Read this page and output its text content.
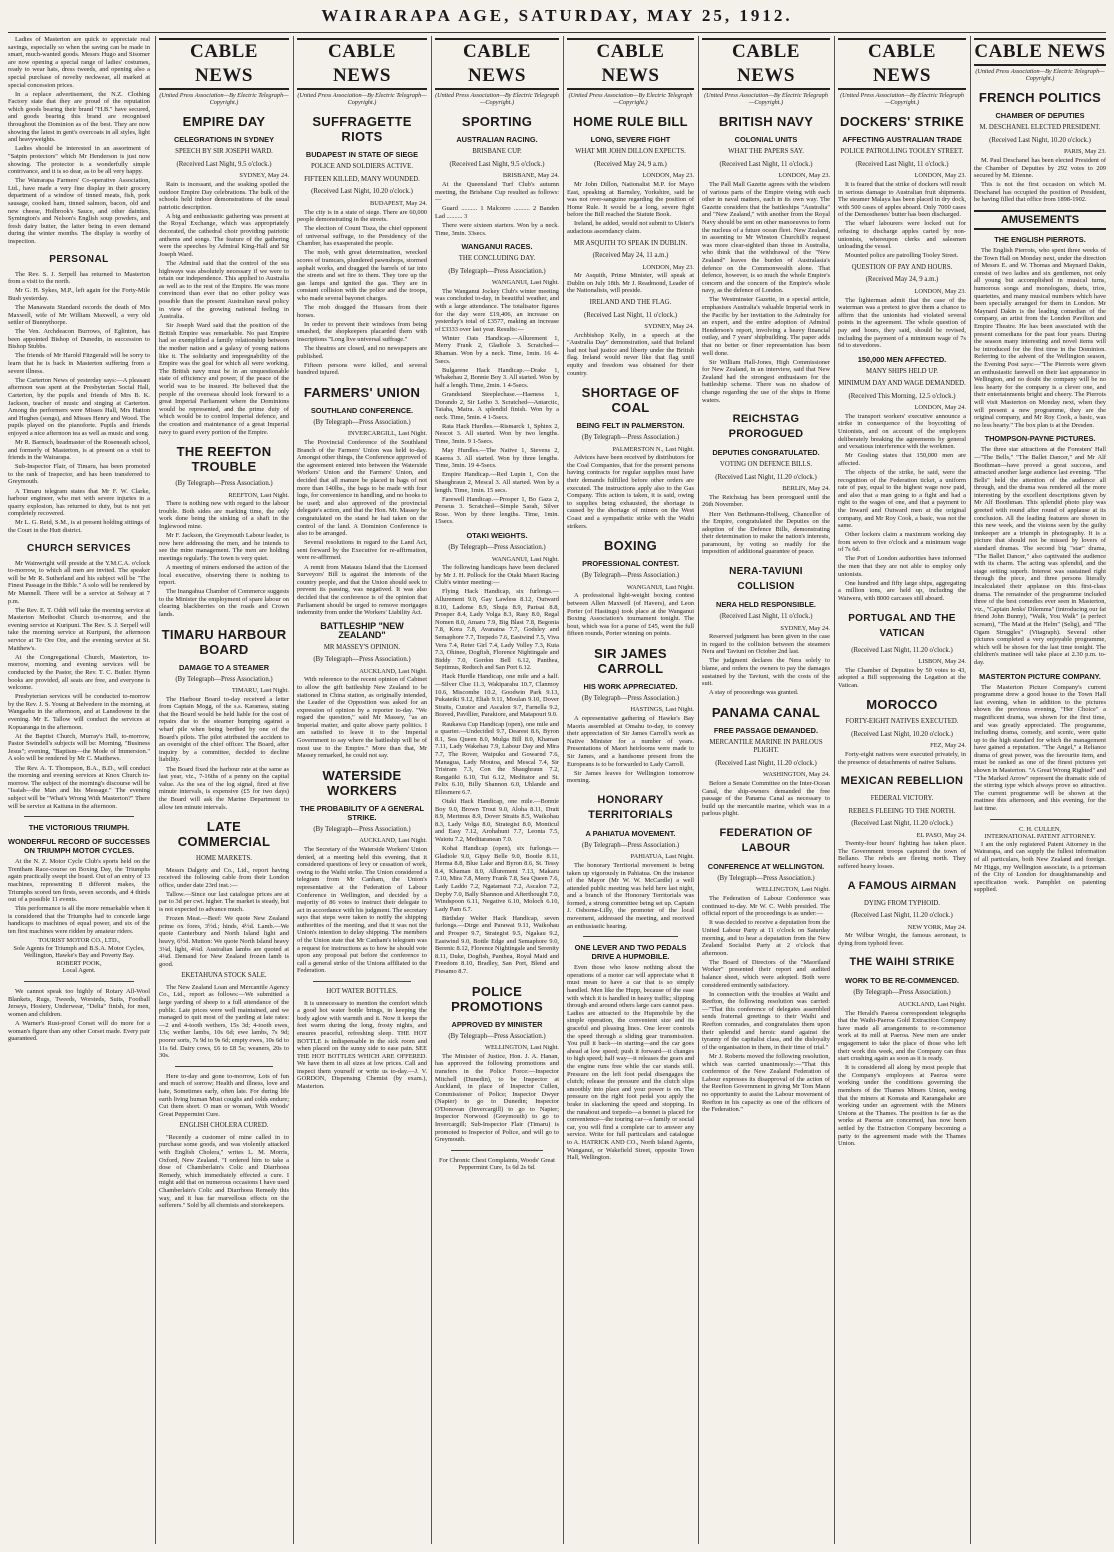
WAIRARAPA AGE, SATURDAY, MAY 25, 1912.

Ladies of Masterton are quick to appreciate real savings, especially so when the saving can be made in smart, much-wanted goods. Messrs Hugo and Sisomer are now opening a special range of ladies' costumes, ready to wear hats, dress tweeds, and opening also a special purchase of novelty neckwear, all marked at special concession prices.

In a replace advertisement, the N.Z. Clothing Factory state that they are proud of the reputation which goods bearing their brand "H.B." have secured, and goods bearing this brand are recognised throughout the Dominion as of the best. They are now showing the latest in gent's overcoats in all styles, light and heavyweights.

Ladies should be interested in an assortment of "Satpin protectors" which Mr Henderson is just now showing. The protector is a wonderfully simple contrivance, and it is so dear, as to be all very happy.

The Wairarapa Farmers' Co-operative Association, Ltd., have made a very fine display in their grocery department of a window of tinned meats, fish, pork sausage, cooked ham, tinned salmon, bacon, old and new cheese, Holbrook's Sauce, and other dainties, Symington's and Nelson's English soup powders, and fresh dairy butter, the latter being in even demand during the winter months. The display is worthy of inspection.

PERSONAL

The Rev. S. J. Serpell has returned to Masterton from a visit to the north.

Mr G. H. Sykes, M.P., left again for the Forty-Mile Bush yesterday.

The Manawatu Standard records the death of Mrs Maxwell, wife of Mr William Maxwell, a very old settler of Bunnythorpe.

The Ven. Archdeacon Burrows, of Eglinton, has been appointed Bishop of Dunedin, in succession to Bishop Stubbs.

The friends of Mr Harold Fitzgerald will be sorry to learn that he is back in Masterton suffering from a severe illness.

The Carterton News of yesterday says:—A pleasant afternoon was spent at the Presbyterian Social Hall, Carterton, by the pupils and friends of Mrs B. K. Jackson, teacher of music and singing at Carterton. Among the performers were Misses Hall, Mrs Hatton and Hughes (songs), and Misses Henry and Wood. The pupils played on the pianoforte. Pupils and friends enjoyed a nice afternoon tea as well as music and song.

Mr R. Barnsch, headmaster of the Roseneath school, and formerly of Masterton, is at present on a visit to friends in the Wairarapa.

Sub-Inspector Flair, of Timaru, has been promoted to the rank of Inspector, and has been transferred to Greymouth.

A Timaru telegram states that Mr F. W. Clarke, harbour engineer, who met with severe injuries in a quarry explosion, has returned to duty, but is not yet completely recovered.

Mr L. G. Reid, S.M., is at present holding sittings of the Court in the Hutt district.

CHURCH SERVICES

Mr Wainwright will preside at the Y.M.C.A. o'clock to-morrow, to which all men are invited. The speaker will be Mr R. Sutherland and his subject will be "The Finest Passage in the Bible." A solo will be rendered by Mr Mannell. There will be a service at Solway at 7 p.m.

The Rev. E. T. Oddi will take the morning service at Masterton Methodist Church to-morrow, and the evening service at Kuripuni. The Rev. S. J. Serpell will take the morning service at Kuripuni, the afternoon service at Te Ore Ore, and the evening service at St. Matthew's.

At the Congregational Church, Masterton, to-morrow, morning and evening services will be conducted by the Pastor, the Rev. T. C. Butler. Hymn books are provided, all seats are free, and everyone is welcome.

Presbyterian services will be conducted to-morrow by the Rev. J. S. Young at Belvedere in the morning, at Wangaehu in the afternoon, and at Lansdowne in the evening. Mr E. Tallow will conduct the services at Kopuaranga in the afternoon.

At the Baptist Church, Murray's Hall, to-morrow, Pastor Swindell's subjects will be: Morning, "Business Jesus"; evening, "Baptism—the Mode of Immersion." A solo will be rendered by Mr C. Matthews.

The Rev. A. T. Thompson, B.A., B.D., will conduct the morning and evening services at Knox Church to-morrow. The subject of the morning's discourse will be "Isaiah—the Man and his Message." The evening subject will be "What's Wrong With Masterton?" There will be service at Kaituna in the afternoon.

THE VICTORIOUS TRIUMPH.
WONDERFUL RECORD OF SUCCESSES ON TRIUMPH MOTOR CYCLES.

At the N. Z. Motor Cycle Club's sports held on the Trentham Race-course on Boxing Day, the Triumphs again practically swept the board. Out of an entry of 13 machines, representing 8 different makes, the Triumphs scored ten firsts, seven seconds, and 4 thirds out of a possible 11 events.

This performance is all the more remarkable when it is considered that the Triumphs had to concede large handicaps to machines of equal power, and six of the ten first machines were ridden by amateur riders.

TOURIST MOTOR CO., LTD.,
Sole Agents for Triumph and B.S.A. Motor Cycles, Wellington, Hawke's Bay and Poverty Bay.
ROBERT POOK,
Local Agent.

We cannot speak too highly of Rotary All-Wool Blankets, Rugs, Tweeds, Worsteds, Suits, Football Jerseys, Hosiery, Underwear, "Delta" finish, for men, women and children.

A Warner's Rust-proof Corset will do more for a woman's figure than any other Corset made. Every pair guaranteed.

CABLE NEWS
(United Press Association—By Electric Telegraph—Copyright.)
EMPIRE DAY
CELEGRATIONS IN SYDNEY
SPEECH BY SIR JOSEPH WARD.
(Received Last Night, 9.5 o'clock.)
SYDNEY, May 24.

Rain is incessant, and the soaking spoiled the outdoor Empire Day celebrations. The bulk of the schools held indoor demonstrations of the usual patriotic description.

A big and enthusiastic gathering was present at the Royal Exchange, which was appropriately decorated, the cathedral choir providing patriotic anthems and songs. The feature of the gathering were the speeches by Admiral King-Hall and Sir Joseph Ward.

The Admiral said that the control of the sea highways was absolutely necessary if we were to retain our independence. This applied to Australia as well as to the rest of the Empire. He was more convinced than ever that no other policy was possible than the present Australian naval policy in view of the growing national feeling in Australia.

Sir Joseph Ward said that the position of the British Empire was remarkable. No past Empire had so exemplified a family relationship between the mother nation and a galaxy of young nations like it. The solidarity and impregnability of the Empire was the goal for which all were working. The British navy must be in an unquestionable state of efficiency and power, if the peace of the world was to be insured. He believed that the people of the overseas should look forward to a great Imperial Parliament where the Dominions would be represented, and the prime duty of which would be to control Imperial defence, and the creation and maintenance of a great Imperial navy to guard every portion of the Empire.

THE REEFTON TROUBLE
(By Telegraph—Press Association.)
REEFTON, Last Night.

There is nothing new with regard to the labour trouble. Both sides are marking time, the only work done being the sinking of a shaft in the Inglewood mine.

Mr F. Jackson, the Greymouth Labour leader, is now here addressing the men, and he intends to see the mine management. The men are holding meetings regularly. The town is very quiet.

A meeting of miners endorsed the action of the local executive, observing there is nothing to report.

The Inangahua Chamber of Commerce suggests to the Minister the employment of spare labour on clearing blackberries on the roads and Crown lands.

TIMARU HARBOUR BOARD
DAMAGE TO A STEAMER
(By Telegraph—Press Association.)
TIMARU, Last Night.

The Harbour Board to-day received a letter from Captain Mogg, of the s.s. Karamea, stating that the Board would be held liable for the cost of repairs due to the steamer bumping against a wharf pile when being berthed by one of the Board's pilots. The pilot attributed the accident to an oversight of the chief officer. The Board, after inquiry by a committee, decided to decline liability.

The Board fixed the harbour rate at the same as last year, viz., 7-16ths of a penny on the capital value. As the sea of the log signal, fired at five minute intervals, is expensive (£5 for two days) the Board will ask the Marine Department to allow ten minute intervals.

LATE COMMERCIAL
HOME MARKETS.

Messrs Dalgety and Co., Ltd., report having received the following cable from their London office, under date 23rd inst.:—

Tallow.—Since our last catalogue prices are at par to 3d per cwt. higher. The market is steady, but is not expected to advance much.

Frozen Meat.—Beef: We quote New Zealand prime ox fores, 3½d.; hinds, 4½d. Lamb.—We quote Canterbury and North Island light and heavy, 6½d. Mutton: We quote North Island heavy 3¼d, light, 4¼d. Australian lambs are quoted at 4¼d. Demand for New Zealand frozen lamb is good.

EKETAHUNA STOCK SALE.

The New Zealand Loan and Mercantile Agency Co., Ltd., report as follows:—We submitted a large yarding of sheep to a full attendance of the public. Late prices were well maintained, and we managed to quit most of the yarding at late rates:—2 and 4-tooth wethers, 15s 3d; 4-tooth ewes, 13s; wether lambs, 10s 6d; ewe lambs, 7s 9d; poorer sorts, 7s 9d to 9s 6d; empty ewes, 10s 6d to 11s 6d. Dairy cows, £6 to £8 5s; weaners, 20s to 30s.

Here to-day and gone to-morrow, Lots of fun and much of sorrow; Health and illness, love and hate, Sometimes early, often late. For during life earth living human Must coughs and colds endure; Cut them short. O man or woman, With Woods' Great Peppermint Cure.

ENGLISH CHOLERA CURED.

"Recently a customer of mine called in to purchase some goods, and was violently attacked with English Cholera," writes L. M. Morris, Oxford, New Zealand. "I ordered him to take a dose of Chamberlain's Colic and Diarrhoea Remedy, which immediately effected a cure. I might add that on numerous occasions I have used Chamberlain's Colic and Diarrhoea Remedy this way, and it has far marvellous effects on the sufferers." Sold by all chemists and storekeepers.

CABLE NEWS
(United Press Association—By Electric Telegraph—Copyright.)
SUFFRAGETTE RIOTS
BUDAPEST IN STATE OF SIEGE
POLICE AND SOLDIERS ACTIVE.
FIFTEEN KILLED, MANY WOUNDED.
(Received Last Night, 10.20 o'clock.)
BUDAPEST, May 24.

The city is in a state of siege. There are 60,000 people demonstrating in the streets.

The election of Count Tisza, the chief opponent of universal suffrage, to the Presidency of the Chamber, has exasperated the people.

The mob, with great determination, wrecked scores of tramcars, plundered pawnshops, stormed asphalt works, and dragged the barrels of tar into the streets and set fire to them. They tore up the gas lamps and ignited the gas. They are in constant collision with the police and the troops, who made several bayonet charges.

The mob dragged the Hussars from their horses.

In order to prevent their windows from being smashed, the shopkeepers placarded them with inscriptions "Long live universal suffrage."

The theatres are closed, and no newspapers are published.

Fifteen persons were killed, and several hundred injured.

FARMERS' UNION
SOUTHLAND CONFERENCE.
(By Telegraph—Press Association.)
INVERCARGILL, Last Night.

The Provincial Conference of the Southland Branch of the Farmers' Union was held to-day. Amongst other things, the Conference approved of the agreement entered into between the Waterside Workers' Union and the Farmers' Union, and decided that all manure be placed in bags of not more than 140lbs., the bags to be made with four lugs, for convenience in handling, and no hooks to be used; and also approved of the provincial delegate's action, and that the Hon. Mr. Massey be congratulated on the stand he had taken on the control of the land. A Dominion Conference is also to be arranged.

Several resolutions in regard to the Land Act, sent forward by the Executive for re-affirmation, were re-affirmed.

A remit from Mataura Island that the Licensed Surveyors' Bill is against the interests of the country people, and that the Union should seek to prevent its passing, was negatived. It was also decided that the conference is of the opinion that Parliament should be urged to remove mortgages indemnity from under the Workers' Liability Act.

BATTLESHIP "NEW ZEALAND"
MR MASSEY'S OPINION.
(By Telegraph—Press Association.)
AUCKLAND, Last Night.

With reference to the recent opinion of Cabinet to allow the gift battleship New Zealand to be stationed in China station, as originally intended, the Leader of the Opposition was asked for an expression of opinion by a reporter to-day. "We regard the question," said Mr Massey, "as an Imperial matter, and quite above party politics. I am satisfied to leave it to the Imperial Government to say where the battleship will be of most use to the Empire." More than that, Mr Massey remarked, he could not say.

WATERSIDE WORKERS
THE PROBABILITY OF A GENERAL STRIKE.
(By Telegraph—Press Association.)
AUCKLAND, Last Night.

The Secretary of the Waterside Workers' Union denied, at a meeting held this evening, that it considered questions of levy or cessation of work, owing to the Waihi strike. The Union considered a telegram from Mr Canham, the Union's representative at the Federation of Labour Conference in Wellington, and decided by a majority of 86 votes to instruct their delegate to act in accordance with his judgment. The secretary says that steps were taken to notify the shipping authorities of the meeting, and that it was not the Union's intention to delay shipping. The members of the Union state that Mr Canham's telegram was a request for instructions as to how he should vote upon any proposal put before the conference to call a general strike of the Unions affiliated to the Federation.

HOT WATER BOTTLES.

It is unnecessary to mention the comfort which a good hot water bottle brings, in keeping the body aglow with warmth and it. Now it keeps the feet warm during the long, frosty nights, and ensures peaceful, refreshing sleep. THE HOT BOTTLE is indispensable in the sick room and when placed on the sunny side to ease pain. SEE THE HOT BOTTLES WHICH ARE OFFERED. We have them in all sizes at low prices. Call and inspect them yourself or write us to-day.—J. V. GORDON, Dispensing Chemist (by exam.), Masterton.

CABLE NEWS
(United Press Association—By Electric Telegraph—Copyright.)
SPORTING
AUSTRALIAN RACING.
BRISBANE CUP.
(Received Last Night, 9.5 o'clock.)
BRISBANE, May 24.

At the Queensland Turf Club's autumn meeting, the Brisbane Cup resulted as follows:—

Guard .......... 1 Malcorro .......... 2 Banden Lad .......... 3

There were sixteen starters. Won by a neck. Time, 3min. 33secs.

WANGANUI RACES.
THE CONCLUDING DAY.
(By Telegraph—Press Association.)
WANGANUI, Last Night.

The Wanganui Jockey Club's winter meeting was concluded to-day, in beautiful weather, and with a large attendance. The totalisator figures for the day were £19,406, an increase on yesterday's total of £3577, making an increase of £3333 over last year. Results:—

Winter Oats Handicap.—Allurement 1, Merry Frank 2, Gladiole 3. Scratched—Rhaman. Won by a neck. Time, 1min. 16 4-5secs.

Bulgarene Hack Handicap.—Drake 1, Whakehau 2, Bonnie Boy 3. All started. Won by half a length. Time, 2min. 1 4-5secs.

Grandstand Steeplechase.—Haeness 1, Dorando 2, Sir Letho 3. Scratched—Antarctic, Taiaha, Maira. A splendid finish. Won by a neck. Time, 5min. 4 1-5secs.

Rata Hack Hurdles.—Rismarck 1, Sphinx 2, Nescot 3. All started. Won by two lengths. Time, 3min. 9 1-5secs.

May Hurdles.—The Native 1, Stevens 2, Kaerea 3. All started. Won by three lengths. Time, 3min. 19 4-5secs.

Empire Handicap.—Red Lupin 1, Con the Shaughraun 2, Mescal 3. All started. Won by a length. Time, 1min. 15 secs.

Farewell Handicap.—Prosper 1, Bo Gaza 2, Perseus 3. Scratched—Simple Sarah, Silver Rose. Won by three lengths. Time, 1min. 15secs.

OTAKI WEIGHTS.
(By Telegraph—Press Association.)
WANGANUI, Last Night.

The following handicaps have been declared by Mr J. H. Pollock for the Otaki Maori Racing Club's winter meeting:—

Flying Hack Handicap, six furlongs.—Allurement 9.0, Gay Lawless 8.12, Outward 8.10, Ladome 8.9, Shuja 8.9, Parisai 8.8, Prosper 8.4, Lady Volga 8.3, Rasy 8.0, Regal Nomen 8.0, Amaru 7.9, Big Blast 7.8, Begonia 7.8, Kora 7.8, Avanaina 7.7, Godsley and Semaphore 7.7, Torpedo 7.6, Eastwind 7.5, Viva Vera 7.4, Reter Girl 7.4, Lady Volley 7.3, Kuta 7.3, Ohinee, Dogfish, Florence Nightingale and Biddy 7.0, Gordon Bell 6.12, Panthea, Septimus, Redtech and San Port 6.12.

Hack Hurdle Handicap, one mile and a half.—Silver Clue 11.3, Wakiparahu 10.7, Clanmoy 10.6, Miscombe 10.2, Goodwin Park 9.13, Pukateiki 9.12, Eliah 9.11, Moulan 9.10, Dover Straits, Curator and Ascalon 9.7, Farnella 9.2, Braved, Pavillier, Parakiore, and Matapouri 9.0.

Raukawa Cup Handicap (open), one mile and a quarter.—Undecided 9.7, Dearest 8.6, Byron 8.1, Sea Queen 8.0, Mulga Bill 8.0, Khaman 7.11, Lady Wakehau 7.9, Labour Day and Mira 7.7, The Rover, Waipuku and Gowarnd 7.6, Managua, Lady Moutoa, and Mescal 7.4, Sir Tristram 7.3, Con the Shaughraun 7.2, Rangatiki 6.10, Tui 6.12, Meditator and St. Felix 6.10, Billy Shannon 6.0, Uhlande and Ellesmere 6.7.

Otaki Hack Handicap, one mile.—Bonnie Boy 9.0, Brown Trout 9.0, Aloha 8.11, Dratt 8.9, Merimus 8.9, Dover Straits 8.5, Waikohau 8.3, Lady Volga 8.0, Strategist 8.0, Monticul and Easy 7.12, Arohahuni 7.7, Leonta 7.5, Waiotu 7.2, Meditaranean 7.0.

Kohai Handicap (open), six furlongs.—Gladiole 9.0, Gipsy Belle 9.0, Bootle 8.11, Herma 8.8, Blue Lake and Byron 8.6, St. Tessy 8.4, Khaman 8.0, Allurement 7.13, Makaru 7.10, Mira 7.8, Merry Frank 7.8, Sea Queen 7.6, Lady Laddo 7.2, Ngatamaui 7.2, Ascalon 7.2, Depby 7.0, Bally Shannon and Afterthought 7.0, Windspoon 6.11, Negative 6.10, Moloch 6.10, Lady Pam 6.7.

Birthday Welter Hack Handicap, seven furlongs.—Dirge and Parawai 9.11, Waikohau and Prosper 9.7, Strategist 9.5, Ngakau 9.2, Eastwind 9.0, Bottle Edge and Semaphore 9.0, Berenic 8.12, Florence Nightingale and Serenity 8.11, Duke, Dogfish, Panthea, Royal Maid and Freedom 8.10, Bradley, San Port, Blend and Fiesamo 8.7.

POLICE PROMOTIONS
APPROVED BY MINISTER
(By Telegraph—Press Association.)
WELLINGTON, Last Night.

The Minister of Justice, Hon. J. A. Hanan, has approved the following promotions and transfers in the Police Force:—Inspector Mitchell (Dunedin), to be Inspector at Auckland, in place of Inspector Cullen, Commissioner of Police; Inspector Dwyer (Napier) to go to Dunedin; Inspector O'Donovan (Invercargill) to go to Napier; Inspector Norwood (Greymouth) to go to Invercargill; Sub-Inspector Flair (Timaru) is promoted to Inspector of Police, and will go to Greymouth.

For Chronic Chest Complaints, Woods' Great Peppermint Cure, 1s 6d 2s 6d.
CABLE NEWS
(United Press Association—By Electric Telegraph—Copyright.)
HOME RULE BILL
LONG, SEVERE FIGHT
WHAT MR JOHN DILLON EXPECTS.
(Received May 24, 9 a.m.)
LONDON, May 23.

Mr John Dillon, Nationalist M.P. for Mayo East, speaking at Barnsley, Yorkshire, said he was not over-sanguine regarding the position of Home Rule. It would be a long, severe fight before the Bill reached the Statute Book.

Ireland, he added, would not submit to Ulster's audacious ascendancy claim.

MR ASQUITH TO SPEAK IN DUBLIN.
(Received May 24, 11 a.m.)
LONDON, May 23.

Mr Asquith, Prime Minister, will speak at Dublin on July 18th. Mr J. Readmond, Leader of the Nationalists, will preside.

IRELAND AND THE FLAG.
(Received Last Night, 11 o'clock.)
SYDNEY, May 24.

Archbishop Kelly, in a speech at the "Australia Day" demonstration, said that Ireland had not had justice and liberty under the British flag. Ireland would never like that flag until equity and freedom was obtained for their country.

SHORTAGE OF COAL
BEING FELT IN PALMERSTON.
(By Telegraph—Press Association.)
PALMERSTON N., Last Night.

Advices have been received by distributors for the Coal Companies, that for the present persons having contracts for regular supplies must have their demands fulfilled before other orders are executed. The instructions apply also to the Gas Company. This action is taken, it is said, owing to supplies being exhausted, the shortage is caused by the shortage of miners on the West Coast and a sympathetic strike with the Waihi strikers.

BOXING
PROFESSIONAL CONTEST.
(By Telegraph—Press Association.)
WANGANUI, Last Night.

A professional light-weight boxing contest between Allen Maxwell (of Havers), and Leon Porter (of Hastings) took place at the Wanganui Boxing Association's tournament tonight. The bout, which was for a purse of £45, went the full fifteen rounds, Porter winning on points.

SIR JAMES CARROLL
HIS WORK APPRECIATED.
(By Telegraph—Press Association.)
HASTINGS, Last Night.

A representative gathering of Hawke's Bay Maoris assembled at Omahu to-day, to convey their appreciation of Sir James Carroll's work as Native Minister for a number of years. Presentations of Maori heirlooms were made to Sir James, and a handsome present from the Europeans is to be forwarded to Lady Carroll.

Sir James leaves for Wellington tomorrow morning.

HONORARY TERRITORIALS
A PAHIATUA MOVEMENT.
(By Telegraph—Press Association.)
PAHIATUA, Last Night.

The honorary Territorial movement is being taken up vigorously in Pahiatua. On the instance of the Mayor (Mr W. W. McCardle) a well attended public meeting was held here last night, and a branch of the Honorary Territorials was formed, a strong committee being set up. Captain J. Osborne-Lilly, the promoter of the local movement, addressed the meeting, and received an enthusiastic hearing.

ONE LEVER AND TWO PEDALS DRIVE A HUPMOBILE.

Even those who know nothing about the operations of a motor car will appreciate what it must mean to have a car that is so simply handled. Men like the Hupp, because of the ease with which it is handled in heavy traffic; slipping through and around others large cars cannot pass. Ladies are attracted to the Hupmobile by the simple operation, the convenient size and its graceful and pleasing lines. One lever controls the speed through a sliding gear transmission. You pull it back—in starting—and the car goes ahead at low speed; push it forward—it changes to high speed; half way—it releases the gears and the engine runs free while the car stands still. Pressure on the left foot pedal disengages the clutch; release the pressure and the clutch slips smoothly into place and your power is on. The pressure on the right foot pedal you apply the brake in slackening the speed and stopping. In the runabout and torpedo—a bonnet is placed for convenience—the touring car—a family or social car, you will find a complete car to answer any service. Write for full particulars and catalogue to A. HATRICK AND CO., North Island Agents, Wanganui, or Wakefield Street, opposite Town Hall, Wellington.

CABLE NEWS
(United Press Association—By Electric Telegraph—Copyright.)
BRITISH NAVY
COLONIAL UNITS
WHAT THE PAPERS SAY.
(Received Last Night, 11 o'clock.)
LONDON, May 23.

The Pall Mall Gazette agrees with the wisdom of various parts of the Empire vieing with each other in naval matters, each in its own way. The Gazette considers that the battleships "Australia" and "New Zealand," with another from the Royal Navy should be sent on other manoeuvres to form the nucleus of a future ocean fleet. New Zealand, in assenting to Mr Winston Churchill's request was more clear-sighted than those in Australia, who think that the withdrawal of the "New Zealand" leaves the burden of Australasia's defence on the Commonwealth alone. That defence, however, is so much the whole Empire's concern and the concern of the Empire's whole navy, as the defence of London.

The Westminster Gazette, in a special article, emphasises Australia's valuable Imperial work in the Pacific by her invitation to the Admiralty for an expert, and the entire adoption of Admiral Henderson's report, involving a heavy financial outlay, and 7 years' shipbuilding. The paper adds that no better or finer representation has been well done.

Sir William Hall-Jones, High Commissioner for New Zealand, in an interview, said that New Zealand had the strongest enthusiasm for the battleship scheme. There was no shadow of change regarding the use of the ships in Home waters.

REICHSTAG PROROGUED
DEPUTIES CONGRATULATED.
VOTING ON DEFENCE BILLS.
(Received Last Night, 11.20 o'clock.)
BERLIN, May 24.

The Reichstag has been prorogued until the 26th November.

Herr Von Bethmann-Hollweg, Chancellor of the Empire, congratulated the Deputies on the adoption of the Defence Bills, demonstrating their determination to make the nation's interests, paramount, by voting so readily for the imposition of additional guarantee of peace.

NERA-TAVIUNI COLLISION
NERA HELD RESPONSIBLE.
(Received Last Night, 11 o'clock.)
SYDNEY, May 24.

Reserved judgment has been given in the case in regard to the collision between the steamers Nera and Taviuni on October 2nd last.

The judgment declares the Nera solely to blame, and orders the owners to pay the damages sustained by the Taviuni, with the costs of the suit.

A stay of proceedings was granted.

PANAMA CANAL
FREE PASSAGE DEMANDED.
MERCANTILE MARINE IN PARLOUS PLIGHT.
(Received Last Night, 11.20 o'clock.)
WASHINGTON, May 24.

Before a Senate Committee on the Inter-Ocean Canal, the ship-owners demanded the free passage of the Panama Canal as necessary to build up the mercantile marine, which was in a parlous plight.

FEDERATION OF LABOUR
CONFERENCE AT WELLINGTON.
(By Telegraph—Press Association.)
WELLINGTON, Last Night.

The Federation of Labour Conference was continued to-day. Mr W. C. Webb presided. The official report of the proceedings is as under:—

It was decided to receive a deputation from the United Labour Party at 11 o'clock on Saturday morning, and to hear a deputation from the New Zealand Socialist Party at 2 o'clock that afternoon.

The Board of Directors of the "Maoriland Worker" presented their report and audited balance sheet, which were adopted. Both were considered eminently satisfactory.

In connection with the troubles at Waihi and Reefton, the following resolution was carried:—"That this conference of delegates assembled sends fraternal greetings to their Waihi and Reefton comrades, and congratulates them upon their splendid and heroic stand against the tyranny of the capitalist class, and the disloyalty of the organisation in them, in their time of trial."

Mr J. Roberts moved the following resolution, which was carried unanimously:—"That this conference of the New Zealand Federation of Labour expresses its disapproval of the action of the Reefton Government in giving Mr Tom Mann no opportunity to assist the Labour movement of Reefton in his capacity as one of the officers of the Federation."

CABLE NEWS
(United Press Association—By Electric Telegraph—Copyright.)
DOCKERS' STRIKE
AFFECTING AUSTRALIAN TRADE
POLICE PATROLLING TOOLEY STREET.
(Received Last Night, 11 o'clock.)
LONDON, May 23.

It is feared that the strike of dockers will result in serious damage to Australian fruit shipments. The steamer Malaya has been placed in dry dock, with 500 cases of apples aboard. Only 7000 cases of the Demosthenes' butter has been discharged.

The wharf labourers were locked out for refusing to discharge apples carted by non-unionists, whereupon clerks and salesmen unloading the vessel.

Mounted police are patrolling Tooley Street.

QUESTION OF PAY AND HOURS.
(Received May 24, 9 a.m.)
LONDON, May 23.

The lighterman admit that the case of the waterman was a pretext to give them a chance to affirm that the unionists had violated several points in the agreement. The whole question of pay and hours, they said, should be revised, including the payment of a minimum wage of 7s 6d to stevedores.

150,000 MEN AFFECTED.
MANY SHIPS HELD UP.
MINIMUM DAY AND WAGE DEMANDED.
(Received This Morning, 12.5 o'clock.)
LONDON, May 24.

The transport workers' executive announce a strike in consequence of the boycotting of Unionists, and on account of the employers deliberately breaking the agreements by general and vexatious interference with the workmen.

Mr Gosling states that 150,000 men are affected.

The objects of the strike, he said, were the recognition of the Federation ticket, a uniform rate of pay, equal to the highest wage now paid, and also that a man going to a fight and had a right to the wages of one, and that a payment to the Inward and Outward men at the original company, and Mr Roy Cook, a basic, was not the same.

Other lockers claim a maximum working day from seven to five o'clock and a minimum wage of 7s 6d.

The Port of London authorities have informed the men that they are not able to employ only unionists.

One hundred and fifty large ships, aggregating a million tons, are held up, including the Waiwera, with 8000 carcases still aboard.

PORTUGAL AND THE VATICAN
(Received Last Night, 11.20 o'clock.)
LISBON, May 24.

The Chamber of Deputies by 50 votes to 43, adopted a Bill suppressing the Legation at the Vatican.

MOROCCO
FORTY-EIGHT NATIVES EXECUTED.
(Received Last Night, 10.20 o'clock.)
FEZ, May 24.

Forty-eight natives were executed privately, in the presence of detachments of native Sultans.

MEXICAN REBELLION
FEDERAL VICTORY.
REBELS FLEEING TO THE NORTH.
(Received Last Night, 11.20 o'clock.)
EL PASO, May 24.

Twenty-four hours' fighting has taken place. The Government troops captured the town of Bellano. The rebels are fleeing north. They suffered heavy losses.

A FAMOUS AIRMAN
DYING FROM TYPHOID.
(Received Last Night, 11.20 o'clock.)
NEW YORK, May 24.

Mr Wilbur Wright, the famous aeronaut, is dying from typhoid fever.

THE WAIHI STRIKE
WORK TO BE RE-COMMENCED.
(By Telegraph—Press Association.)
AUCKLAND, Last Night.

The Herald's Paeroa correspondent telegraphs that the Waihi-Paeroa Gold Extraction Company have made all arrangements to re-commence work at its mill at Paeroa. New men are under engagement to take the place of those who left their work this week, and the Company can thus start crushing again as soon as it is ready.

It is considered all along by most people that the Company's employees at Paeroa were working under the conditions governing the members of the Thames Miners Union, seeing that the miners at Komata and Karangahake are working under an agreement with the Miners Unions at the Thames. The position is far as the works at Paeroa are concerned, has now been settled by the Extraction Company becoming a party to the agreement made with the Thames Union.

CABLE NEWS
(United Press Association—By Electric Telegraph—Copyright.)
FRENCH POLITICS
CHAMBER OF DEPUTIES
M. DESCHANEL ELECTED PRESIDENT.
(Received Last Night, 10.20 o'clock.)
PARIS, May 23.

M. Paul Deschanel has been elected President of the Chamber of Deputies by 292 votes to 209 secured by M. Etienne.

This is not the first occasion on which M. Deschanel has occupied the position of President, he having filled that office from 1898-1902.

AMUSEMENTS
THE ENGLISH PIERROTS.

The English Pierrots, who spent three weeks of the Town Hall on Monday next, under the direction of Messrs E. and W. Thomas and Maynard Dakin, consist of two ladies and six gentlemen, not only all young but accomplished in musical turns, humorous songs and monologues, duets, trios, quartettes, and many musical numbers which have been specially arranged for them in London. Mr Maynard Dakin is the leading comedian of the company, an artist from the London Pavilion and Empire Theatre. He has been associated with the present comedians for the past four years. During the season many interesting and novel items will be introduced for the first time in the Dominion. Referring to the advent of the Wellington season, the Evening Post says:—"The Pierrots were given an enthusiastic farewell on their last appearance in Wellington, and no doubt the company will be no less hearty for the company is a clever one, and their entertainments bright and cheery. The Pierrots will visit Masterton on Monday next, when they will present a new programme, they are the original company, and Mr Roy Cook, a basic, was no less hearty." The box plan is at the Dresden.

THOMPSON-PAYNE PICTURES.

The three star attractions at the Foresters' Hall—"The Bells," "The Ballet Dancer," and Mr Alf Boothman—have proved a great success, and attracted another large audience last evening. "The Bells" held the attention of the audience all through, and the drama was rendered all the more interesting by the excellent descriptions given by Mr Alf Boothman. This splendid photo play was greeted with round after round of applause at its conclusion. All the leading features are shown in this new week, and the visions seen by the guilty innkeeper are a triumph in photography. It is a picture that should not be missed by lovers of standard dramas. The second big "star" drama, "The Ballet Dancer," also captivated the audience with its charm. The acting was splendid, and the stage setting superb. Interest was sustained right through the piece, and three persons literally incalculated their applause on this first-class drama. The remainder of the programme included three of the best comedies ever seen in Masterton, viz., "Captain Jenks' Dilemma" (introducing our fat friend John Bunny), "Walk, You Walk" (a perfect scream), "The Maid at the Helm" (Selig), and "The Ogam Struggles" (Vitagraph). Several other pictures completed a very enjoyable programme, which will be shown for the last time tonight. The children's matinee will take place at 2.30 p.m. to-day.

MASTERTON PICTURE COMPANY.

The Masterton Picture Company's current programme drew a good house to the Town Hall last evening, when in addition to the pictures shown the previous evening, "Her Choice" a magnificent drama, was shown for the first time, and was greatly appreciated. The programme, including drama, comedy, and scenic, were quite up to the high standard for which the management have gained a reputation. "The Angel," a Reliance drama of great power, was the favourite item, and must be ranked as one of the finest pictures yet shown in Masterton. "A Great Wrong Righted" and "The Marked Arrow" represent the dramatic side of the stirring type which always prove so attractive. The current programme will be shown at the matinee this afternoon, and this evening, for the last time.

C. H. CULLEN,
INTERNATIONAL PATENT ATTORNEY.

I am the only registered Patent Attorney in the Wairarapa, and can supply the fullest information of all particulars, both New Zealand and foreign. Mr Higgs, my Wellington associate, is a prizeman of the City of London for draughtsmanship and specification work. Pamphlet on patenting supplied.
